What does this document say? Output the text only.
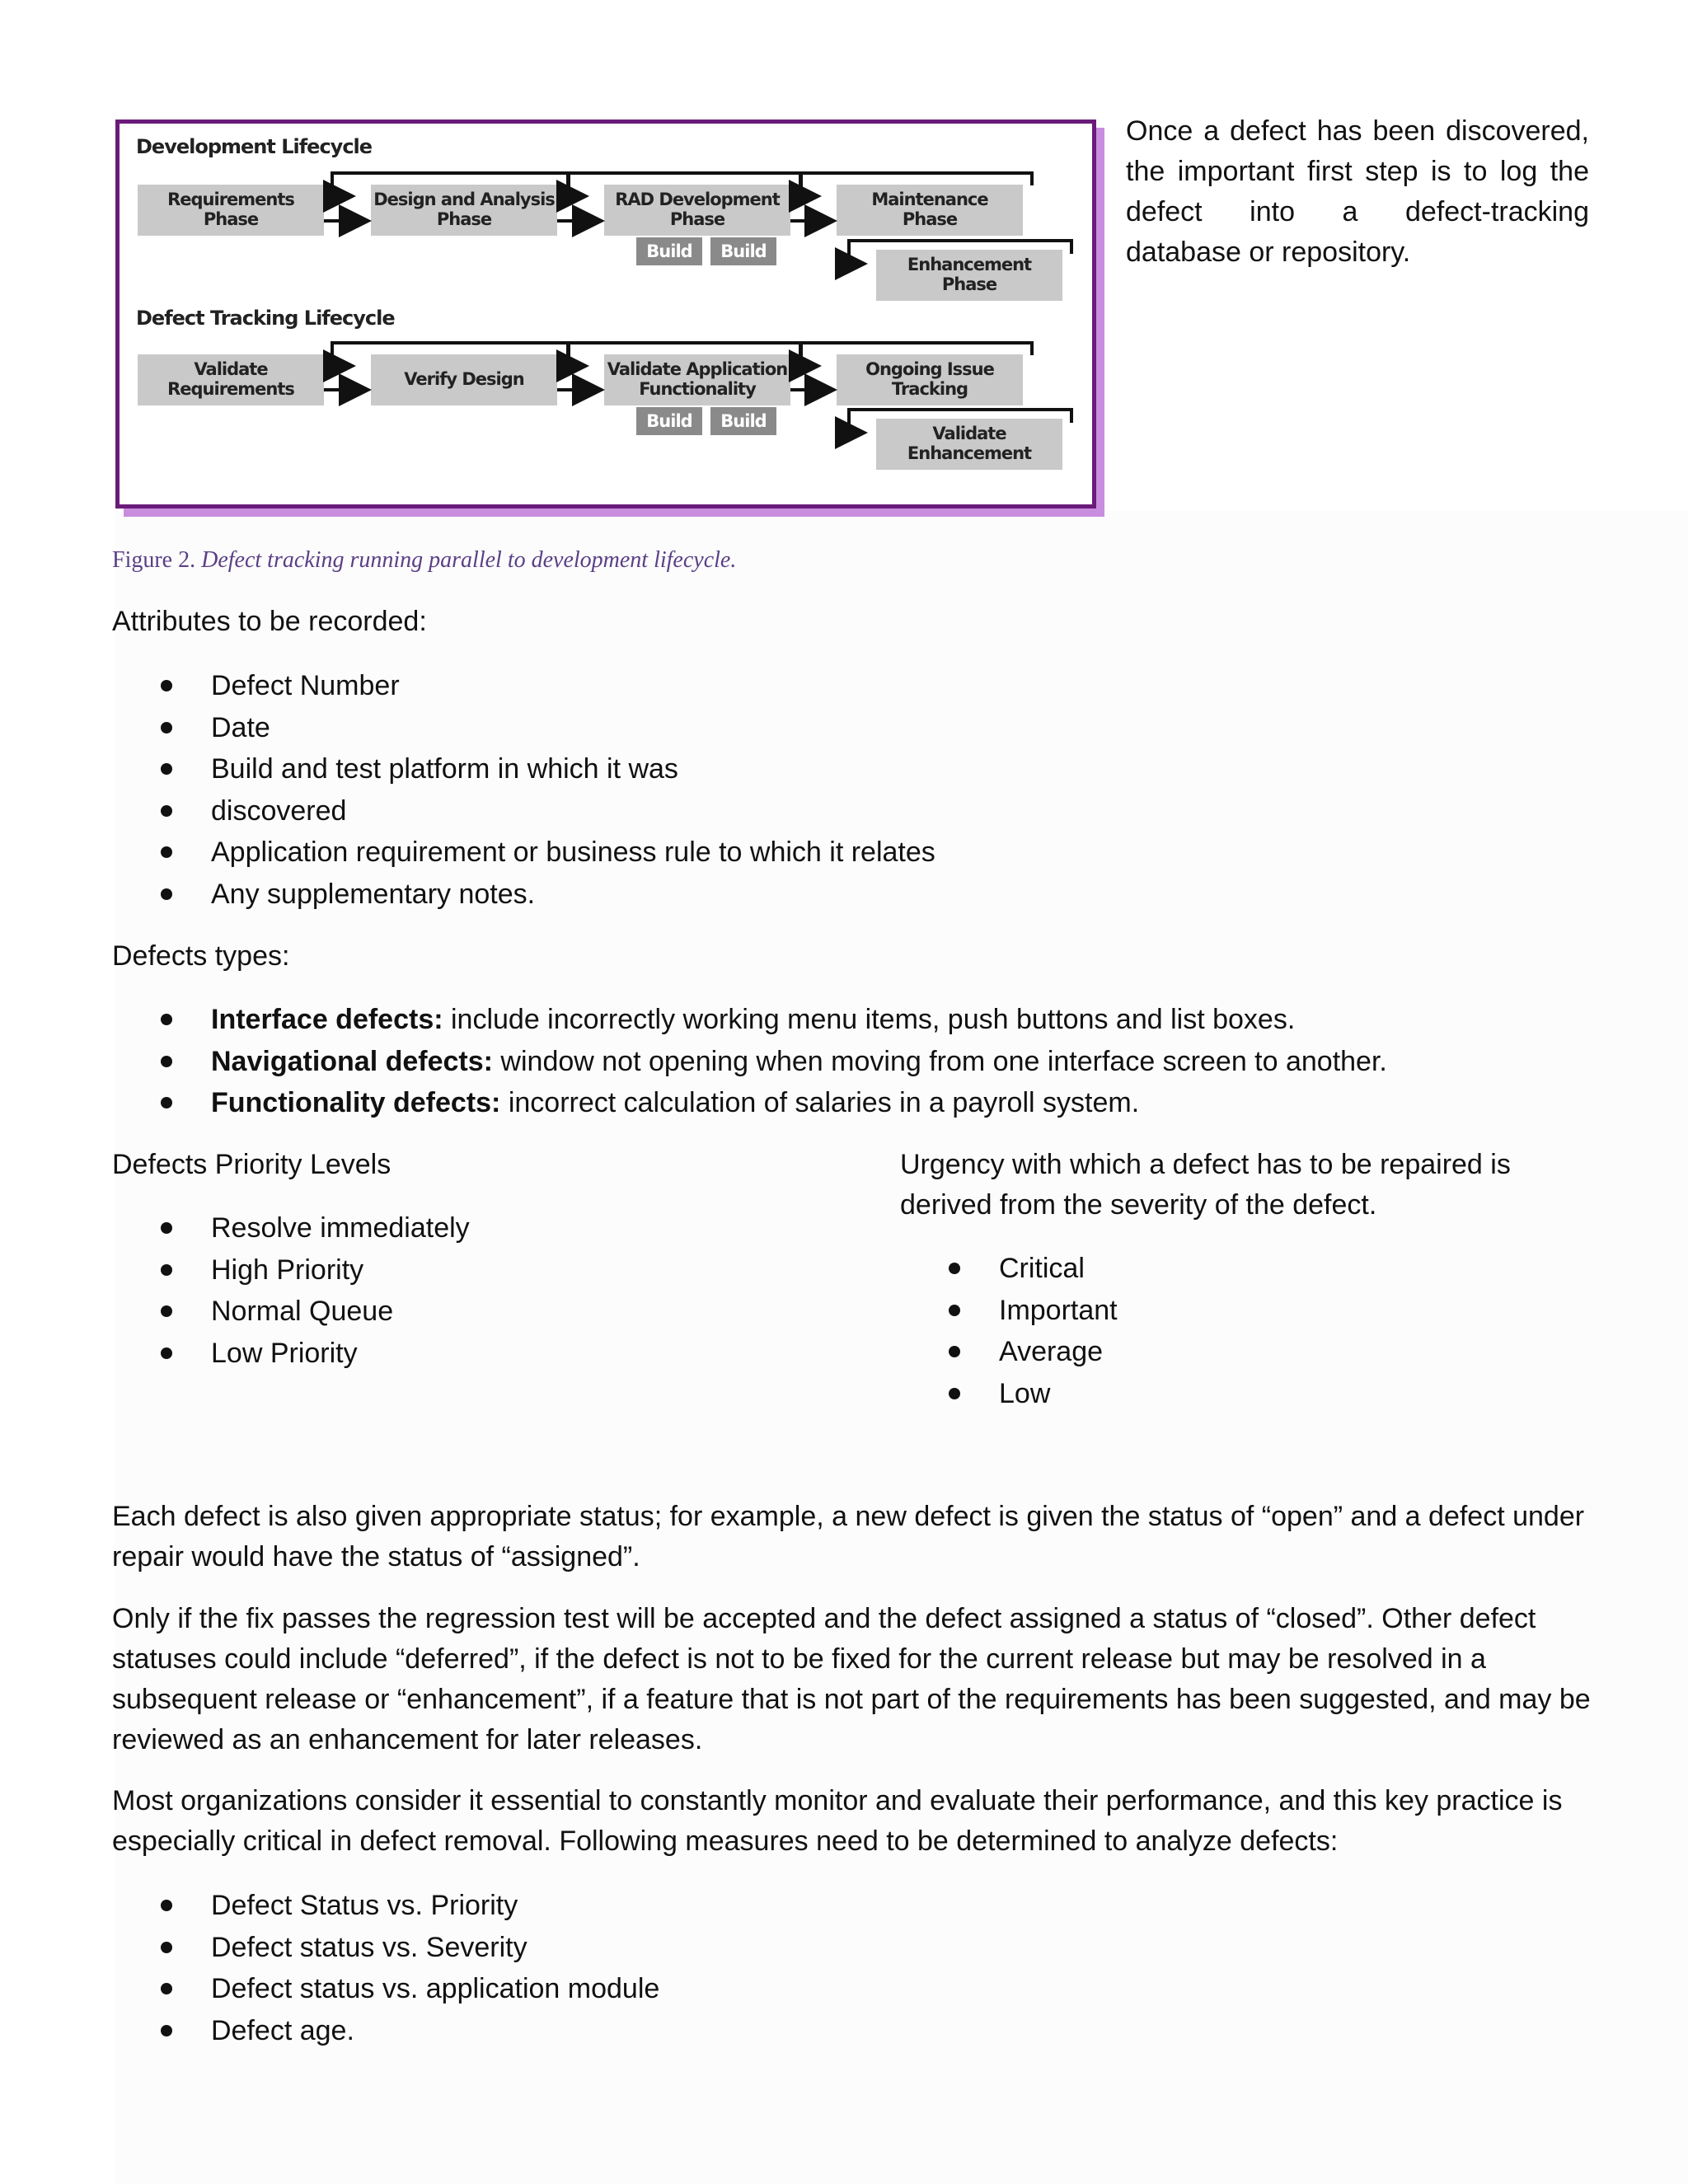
Development Lifecycle
Defect Tracking Lifecycle
Requirements
Phase
Design and Analysis
Phase
RAD Development
Phase
Maintenance
Phase
Enhancement
Phase
Build	Build
Validate
Requirements	Verify Design	Validate Application
Functionality
Ongoing Issue
Tracking
Validate
Enhancement
Build	Build
Figure 2. Defect tracking running parallel to development lifecycle.
Once a defect has been discovered, the important first step is to log the defect into a defect-tracking database or repository.
Attributes to be recorded:
Defect Number
Date
Build and test platform in which it was
discovered
Application requirement or business rule to which it relates
Any supplementary notes.
Defects types:
Interface defects: include incorrectly working menu items, push buttons and list boxes.
Navigational defects: window not opening when moving from one interface screen to another.
Functionality defects: incorrect calculation of salaries in a payroll system.
Defects Priority Levels
Resolve immediately
High Priority
Normal Queue
Low Priority
Urgency with which a defect has to be repaired is derived from the severity of the defect.
Critical
Important
Average
Low
Each defect is also given appropriate status; for example, a new defect is given the status of “open” and a defect under repair would have the status of “assigned”.
Only if the fix passes the regression test will be accepted and the defect assigned a status of “closed”. Other defect statuses could include “deferred”, if the defect is not to be fixed for the current release but may be resolved in a subsequent release or “enhancement”, if a feature that is not part of the requirements has been suggested, and may be reviewed as an enhancement for later releases.
Most organizations consider it essential to constantly monitor and evaluate their performance, and this key practice is especially critical in defect removal. Following measures need to be determined to analyze defects:
Defect Status vs. Priority
Defect status vs. Severity
Defect status vs. application module
Defect age.
